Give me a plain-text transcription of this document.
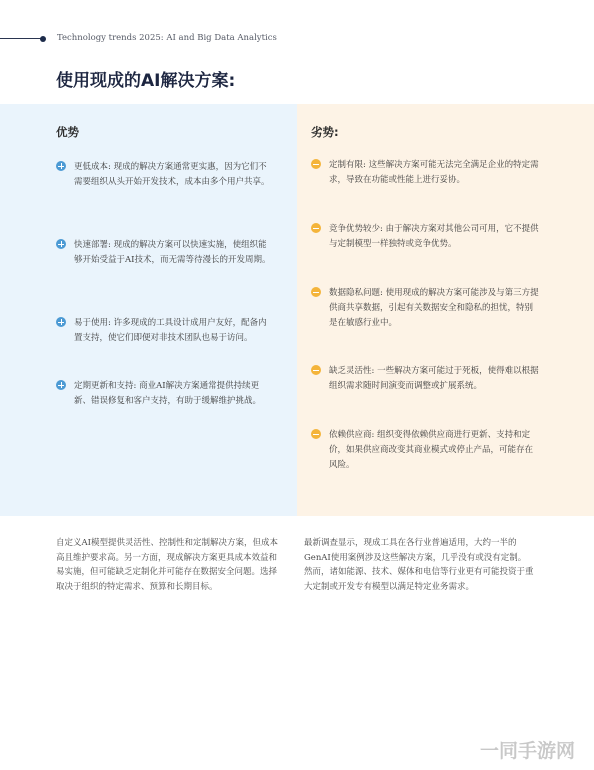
Technology trends 2025: AI and Big Data Analytics
使用现成的AI解决方案:
优势	劣势:
更低成本: 现成的解决方案通常更实惠，因为它们不需要组织从头开始开发技术，成本由多个用户共享。
快速部署: 现成的解决方案可以快速实施，使组织能够开始受益于AI技术，而无需等待漫长的开发周期。
易于使用: 许多现成的工具设计成用户友好，配备内置支持，使它们即便对非技术团队也易于访问。
定期更新和支持: 商业AI解决方案通常提供持续更新、错误修复和客户支持，有助于缓解维护挑战。
定制有限: 这些解决方案可能无法完全满足企业的特定需求，导致在功能或性能上进行妥协。
竞争优势较少: 由于解决方案对其他公司可用，它不提供与定制模型一样独特或竞争优势。
数据隐私问题: 使用现成的解决方案可能涉及与第三方提供商共享数据，引起有关数据安全和隐私的担忧，特别是在敏感行业中。
缺乏灵活性: 一些解决方案可能过于死板，使得难以根据组织需求随时间演变而调整或扩展系统。
依赖供应商: 组织变得依赖供应商进行更新、支持和定价，如果供应商改变其商业模式或停止产品，可能存在风险。
自定义AI模型提供灵活性、控制性和定制解决方案，但成本高且维护要求高。另一方面，现成解决方案更具成本效益和易实施，但可能缺乏定制化并可能存在数据安全问题。选择取决于组织的特定需求、预算和长期目标。
最新调查显示，现成工具在各行业普遍适用，大约一半的GenAI使用案例涉及这些解决方案，几乎没有或没有定制。然而，诸如能源、技术、媒体和电信等行业更有可能投资于重大定制或开发专有模型以满足特定业务需求。
一同手游网
